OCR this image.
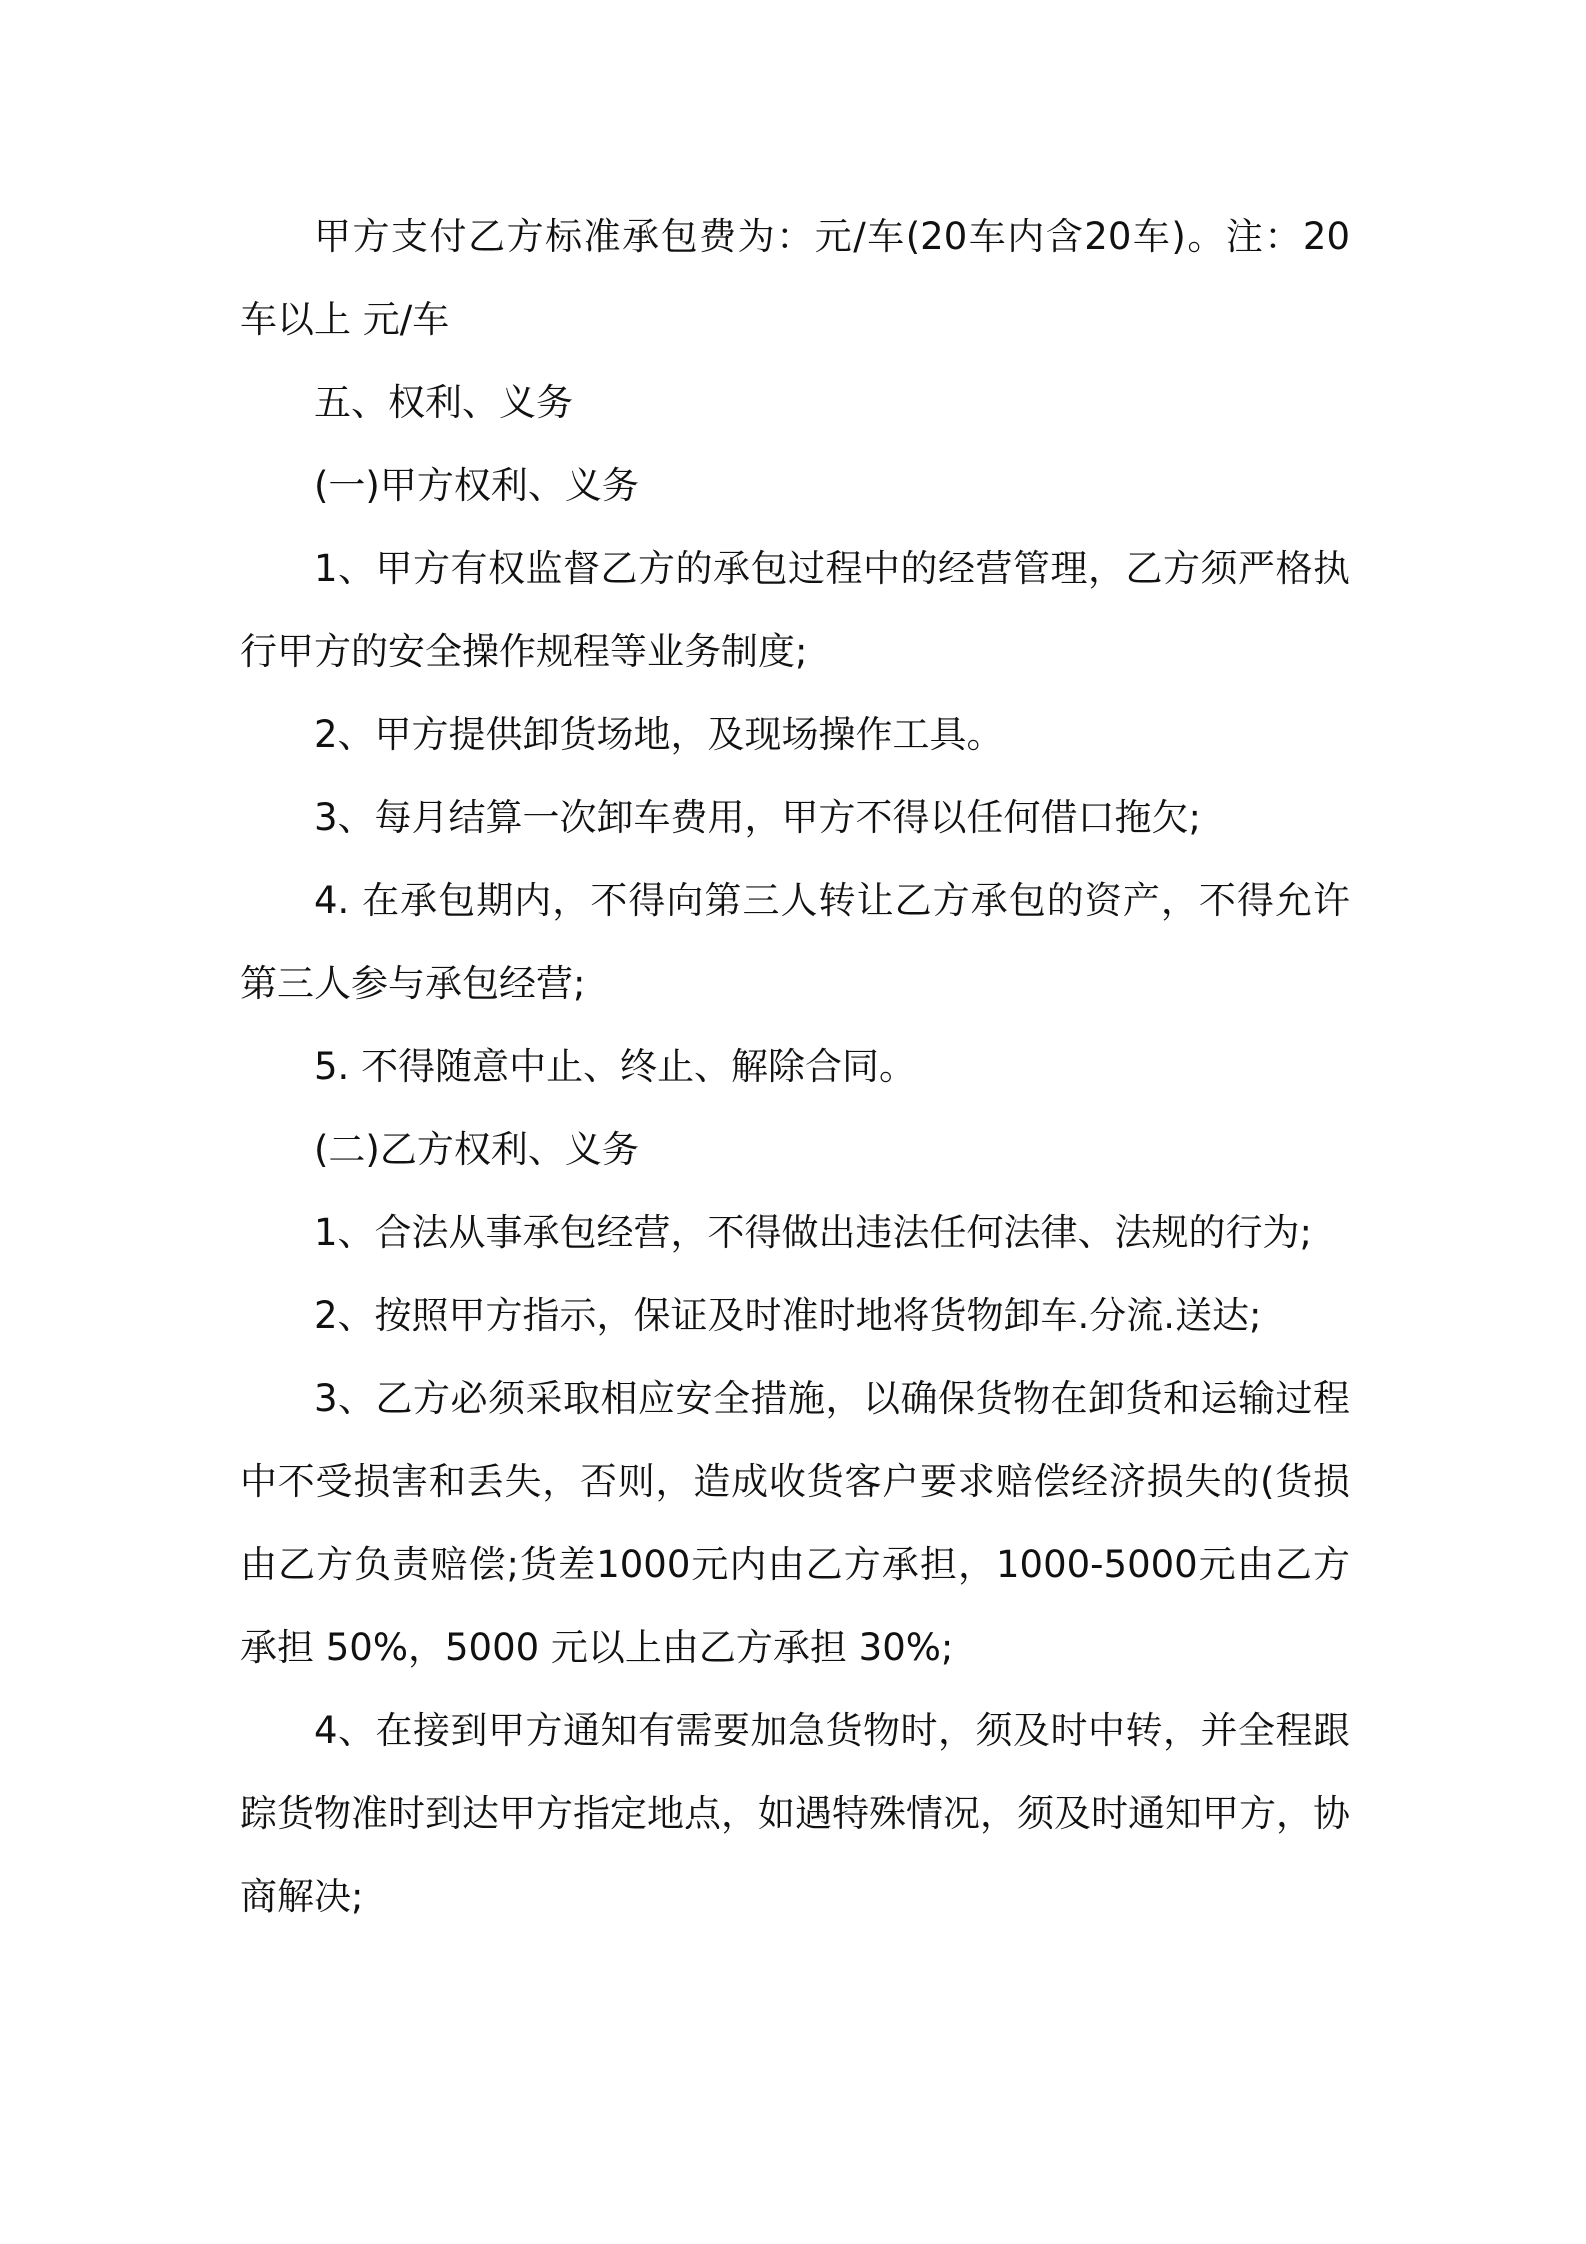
甲方支付乙方标准承包费为：元/车(20车内含20车)。注：20 车以上 元/车

五、权利、义务

(一)甲方权利、义务

1、甲方有权监督乙方的承包过程中的经营管理，乙方须严格执行甲方的安全操作规程等业务制度;

2、甲方提供卸货场地，及现场操作工具。

3、每月结算一次卸车费用，甲方不得以任何借口拖欠;

4. 在承包期内，不得向第三人转让乙方承包的资产，不得允许第三人参与承包经营;

5. 不得随意中止、终止、解除合同。

(二)乙方权利、义务

1、合法从事承包经营，不得做出违法任何法律、法规的行为;

2、按照甲方指示，保证及时准时地将货物卸车.分流.送达;

3、乙方必须采取相应安全措施，以确保货物在卸货和运输过程中不受损害和丢失，否则，造成收货客户要求赔偿经济损失的(货损由乙方负责赔偿;货差1000元内由乙方承担，1000-5000元由乙方承担 50%，5000 元以上由乙方承担 30%;

4、在接到甲方通知有需要加急货物时，须及时中转，并全程跟踪货物准时到达甲方指定地点，如遇特殊情况，须及时通知甲方，协商解决;
